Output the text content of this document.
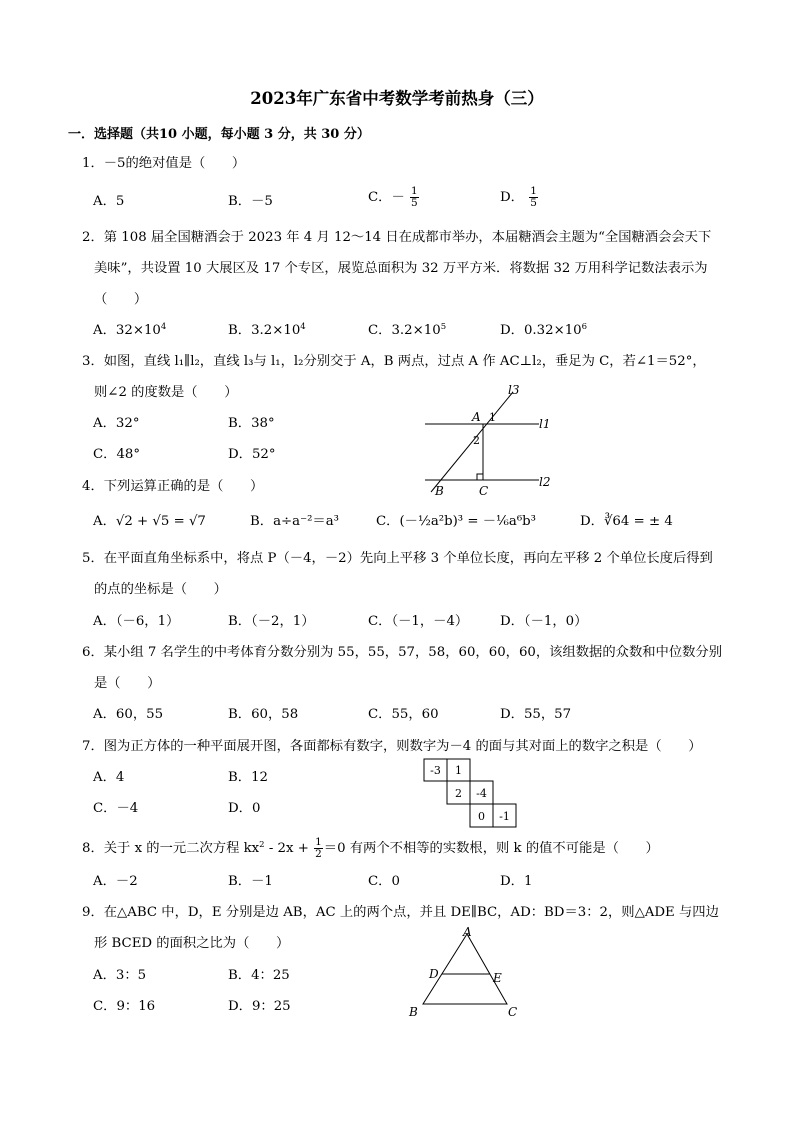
2023年广东省中考数学考前热身（三）
一．选择题（共10 小题，每小题 3 分，共 30 分）
1．－5的绝对值是（　　）
A．5	B．－5	C．－ $\frac{1}{5}$	D． $\frac{1}{5}$
2．第 108 届全国糖酒会于 2023 年 4 月 12～14 日在成都市举办，本届糖酒会主题为“全国糖酒会会天下
美味”，共设置 10 大展区及 17 个专区，展览总面积为 32 万平方米．将数据 32 万用科学记数法表示为
（　　）
A．$32\times 10^4$	B．$3.2\times 10^4$	C．$3.2\times 10^5$	D．$0.32\times 10^6$
3．如图，直线 l₁∥l₂，直线 l₃与 l₁，l₂分别交于 A，B 两点，过点 A 作 AC⊥l₂，垂足为 C，若∠1＝52°，
则∠2 的度数是（　　）
A．32°	B．38°
C．48°	D．52°
l3
l1
l2
A 1
2
B	C
4．下列运算正确的是（　　）
A．√2 + √5 = √7	B．a÷a⁻²＝a³	C．(－½a²b)³ = －⅙a⁶b³	D．∛64 = ± 4
5．在平面直角坐标系中，将点 P（－4，－2）先向上平移 3 个单位长度，再向左平移 2 个单位长度后得到
的点的坐标是（　　）
A．（－6，1）	B．（－2，1）	C．（－1，－4） D．（－1，0）
6．某小组 7 名学生的中考体育分数分别为 55，55，57，58，60，60，60，该组数据的众数和中位数分别
是（　　）
A．60，55	B．60，58	C．55，60	D．55，57
7．图为正方体的一种平面展开图，各面都标有数字，则数字为－4 的面与其对面上的数字之积是（　　）
A．4	B．12
C．－4	D．0
-3 1
2 -4
0 -1
8．关于 x 的一元二次方程 $kx^2 - 2x + \frac{1}{2} =0$ 有两个不相等的实数根，则 k 的值不可能是（　　）
A．－2	B．－1	C．0	D．1
9．在△ABC 中，D，E 分别是边 AB，AC 上的两个点，并且 DE∥BC，AD：BD＝3：2，则△ADE 与四边
形 BCED 的面积之比为（　　）
A．3：5	B．4：25
C．9：16	D．9：25
A
D	E
B	C
